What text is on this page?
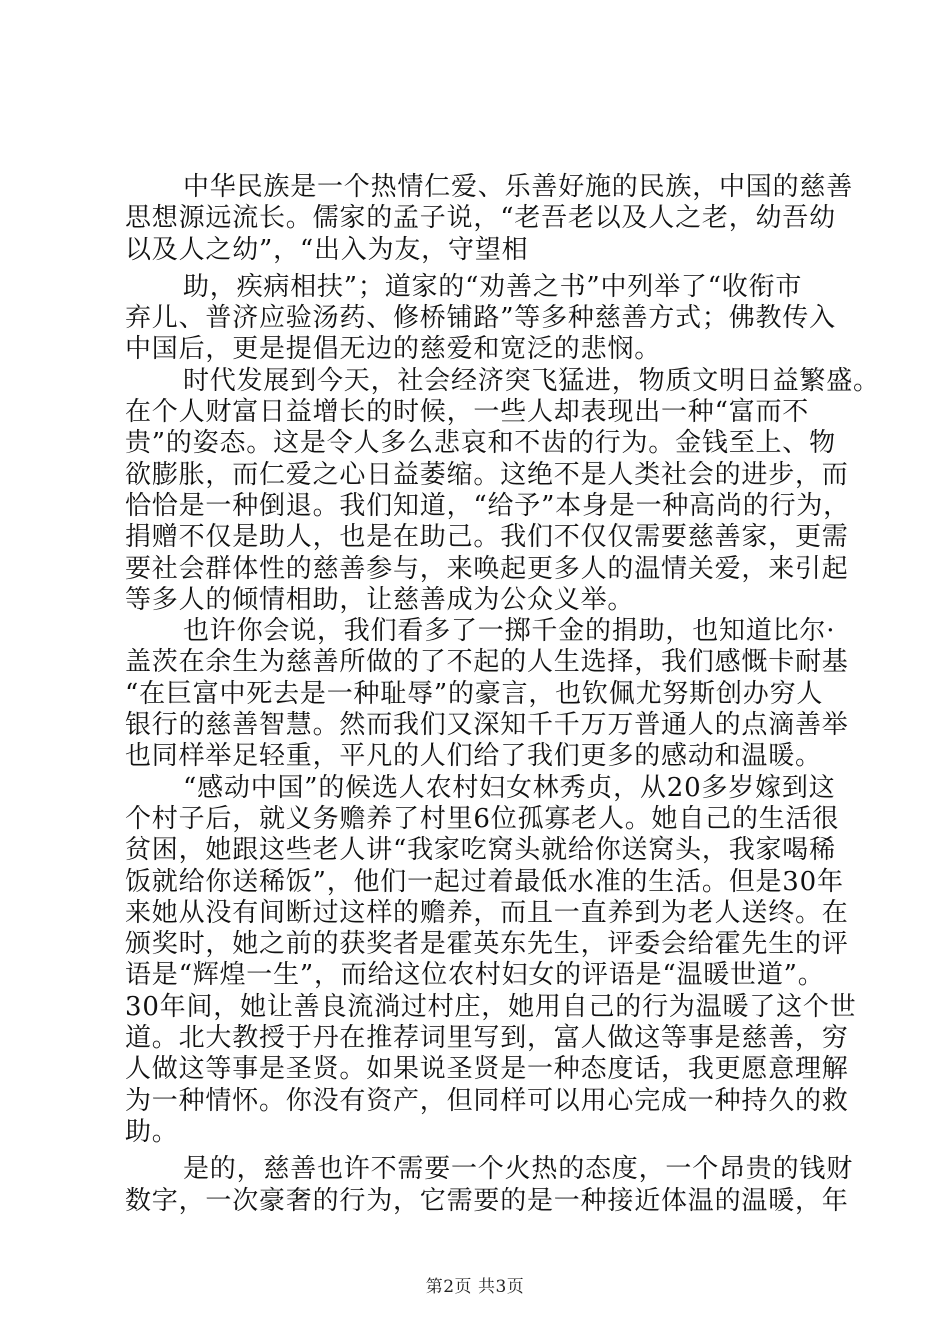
中华民族是一个热情仁爱、乐善好施的民族，中国的慈善
思想源远流长。儒家的孟子说，“老吾老以及人之老，幼吾幼
以及人之幼”，“出入为友，守望相
助，疾病相扶”；道家的“劝善之书”中列举了“收衔市
弃儿、普济应验汤药、修桥铺路”等多种慈善方式；佛教传入
中国后，更是提倡无边的慈爱和宽泛的悲悯。
时代发展到今天，社会经济突飞猛进，物质文明日益繁盛。
在个人财富日益增长的时候，一些人却表现出一种“富而不
贵”的姿态。这是令人多么悲哀和不齿的行为。金钱至上、物
欲膨胀，而仁爱之心日益萎缩。这绝不是人类社会的进步，而
恰恰是一种倒退。我们知道，“给予”本身是一种高尚的行为，
捐赠不仅是助人，也是在助己。我们不仅仅需要慈善家，更需
要社会群体性的慈善参与，来唤起更多人的温情关爱，来引起
等多人的倾情相助，让慈善成为公众义举。
也许你会说，我们看多了一掷千金的捐助，也知道比尔·
盖茨在余生为慈善所做的了不起的人生选择，我们感慨卡耐基
“在巨富中死去是一种耻辱”的豪言，也钦佩尤努斯创办穷人
银行的慈善智慧。然而我们又深知千千万万普通人的点滴善举
也同样举足轻重，平凡的人们给了我们更多的感动和温暖。
“感动中国”的候选人农村妇女林秀贞，从20多岁嫁到这
个村子后，就义务赡养了村里6位孤寡老人。她自己的生活很
贫困，她跟这些老人讲“我家吃窝头就给你送窝头，我家喝稀
饭就给你送稀饭”，他们一起过着最低水准的生活。但是30年
来她从没有间断过这样的赡养，而且一直养到为老人送终。在
颁奖时，她之前的获奖者是霍英东先生，评委会给霍先生的评
语是“辉煌一生”，而给这位农村妇女的评语是“温暖世道”。
30年间，她让善良流淌过村庄，她用自己的行为温暖了这个世
道。北大教授于丹在推荐词里写到，富人做这等事是慈善，穷
人做这等事是圣贤。如果说圣贤是一种态度话，我更愿意理解
为一种情怀。你没有资产，但同样可以用心完成一种持久的救
助。
是的，慈善也许不需要一个火热的态度，一个昂贵的钱财
数字，一次豪奢的行为，它需要的是一种接近体温的温暖，年
第2页 共3页
